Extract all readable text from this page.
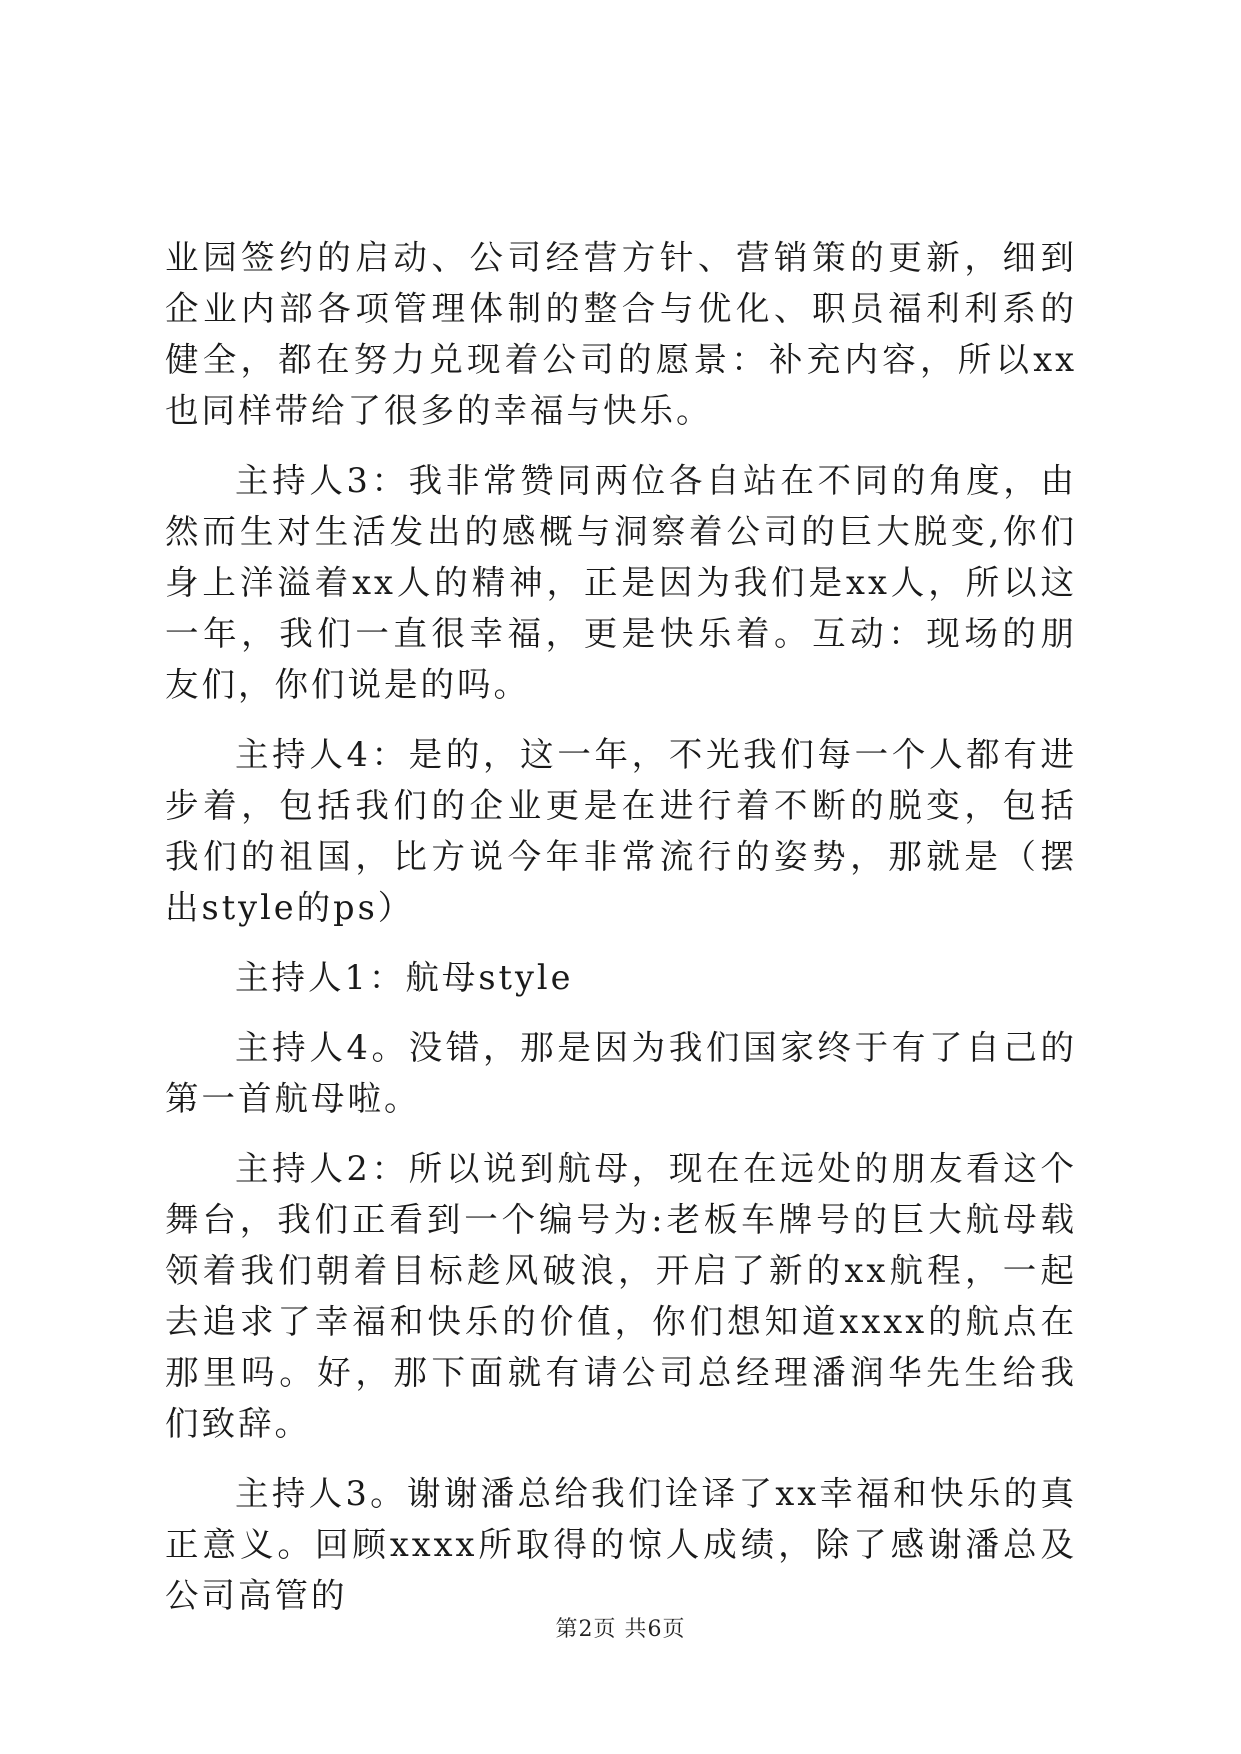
业园签约的启动、公司经营方针、营销策的更新，细到企业内部各项管理体制的整合与优化、职员福利利系的健全，都在努力兑现着公司的愿景：补充内容，所以xx也同样带给了很多的幸福与快乐。

主持人3：我非常赞同两位各自站在不同的角度，由然而生对生活发出的感概与洞察着公司的巨大脱变,你们身上洋溢着xx人的精神，正是因为我们是xx人，所以这一年，我们一直很幸福，更是快乐着。互动：现场的朋友们，你们说是的吗。

主持人4：是的，这一年，不光我们每一个人都有进步着，包括我们的企业更是在进行着不断的脱变，包括我们的祖国，比方说今年非常流行的姿势，那就是（摆出style的ps）

主持人1：航母style

主持人4。没错，那是因为我们国家终于有了自己的第一首航母啦。

主持人2：所以说到航母，现在在远处的朋友看这个舞台，我们正看到一个编号为:老板车牌号的巨大航母载领着我们朝着目标趁风破浪，开启了新的xx航程，一起去追求了幸福和快乐的价值，你们想知道xxxx的航点在那里吗。好，那下面就有请公司总经理潘润华先生给我们致辞。

主持人3。谢谢潘总给我们诠译了xx幸福和快乐的真正意义。回顾xxxx所取得的惊人成绩，除了感谢潘总及公司高管的

第2页 共6页
